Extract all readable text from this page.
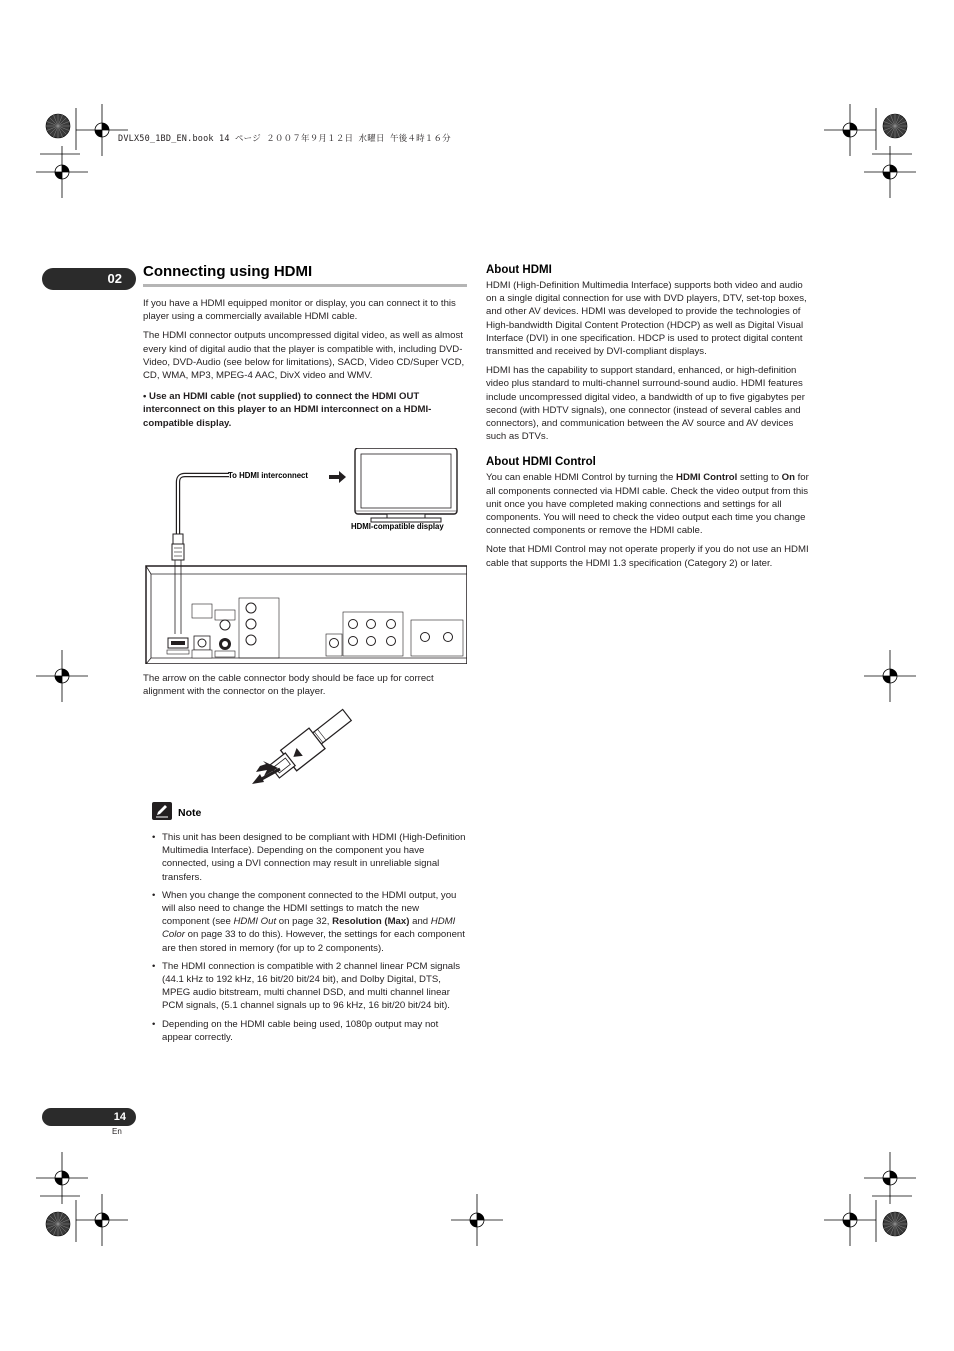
DVLX50_1BD_EN.book 14 ページ ２００７年９月１２日 水曜日 午後４時１６分
02	Connecting using HDMI

If you have a HDMI equipped monitor or display, you can connect it to this player using a commercially available HDMI cable.

The HDMI connector outputs uncompressed digital video, as well as almost every kind of digital audio that the player is compatible with, including DVD-Video, DVD-Audio (see below for limitations), SACD, Video CD/Super VCD, CD, WMA, MP3, MPEG-4 AAC, DivX video and WMV.

• Use an HDMI cable (not supplied) to connect the HDMI OUT interconnect on this player to an HDMI interconnect on a HDMI-compatible display.

To HDMI interconnect
HDMI-compatible display
The arrow on the cable connector body should be face up for correct alignment with the connector on the player.
Note
• This unit has been designed to be compliant with HDMI (High-Definition Multimedia Interface). Depending on the component you have connected, using a DVI connection may result in unreliable signal transfers.
• When you change the component connected to the HDMI output, you will also need to change the HDMI settings to match the new component (see HDMI Out on page 32, Resolution (Max) and HDMI Color on page 33 to do this). However, the settings for each component are then stored in memory (for up to 2 components).
• The HDMI connection is compatible with 2 channel linear PCM signals (44.1 kHz to 192 kHz, 16 bit/20 bit/24 bit), and Dolby Digital, DTS, MPEG audio bitstream, multi channel DSD, and multi channel linear PCM signals, (5.1 channel signals up to 96 kHz, 16 bit/20 bit/24 bit).
• Depending on the HDMI cable being used, 1080p output may not appear correctly.
About HDMI

HDMI (High-Definition Multimedia Interface) supports both video and audio on a single digital connection for use with DVD players, DTV, set-top boxes, and other AV devices. HDMI was developed to provide the technologies of High-bandwidth Digital Content Protection (HDCP) as well as Digital Visual Interface (DVI) in one specification. HDCP is used to protect digital content transmitted and received by DVI-compliant displays.

HDMI has the capability to support standard, enhanced, or high-definition video plus standard to multi-channel surround-sound audio. HDMI features include uncompressed digital video, a bandwidth of up to five gigabytes per second (with HDTV signals), one connector (instead of several cables and connectors), and communication between the AV source and AV devices such as DTVs.

About HDMI Control

You can enable HDMI Control by turning the HDMI Control setting to On for all components connected via HDMI cable. Check the video output from this unit once you have completed making connections and settings for all components. You will need to check the video output each time you change connected components or remove the HDMI cable.

Note that HDMI Control may not operate properly if you do not use an HDMI cable that supports the HDMI 1.3 specification (Category 2) or later.

14
En
